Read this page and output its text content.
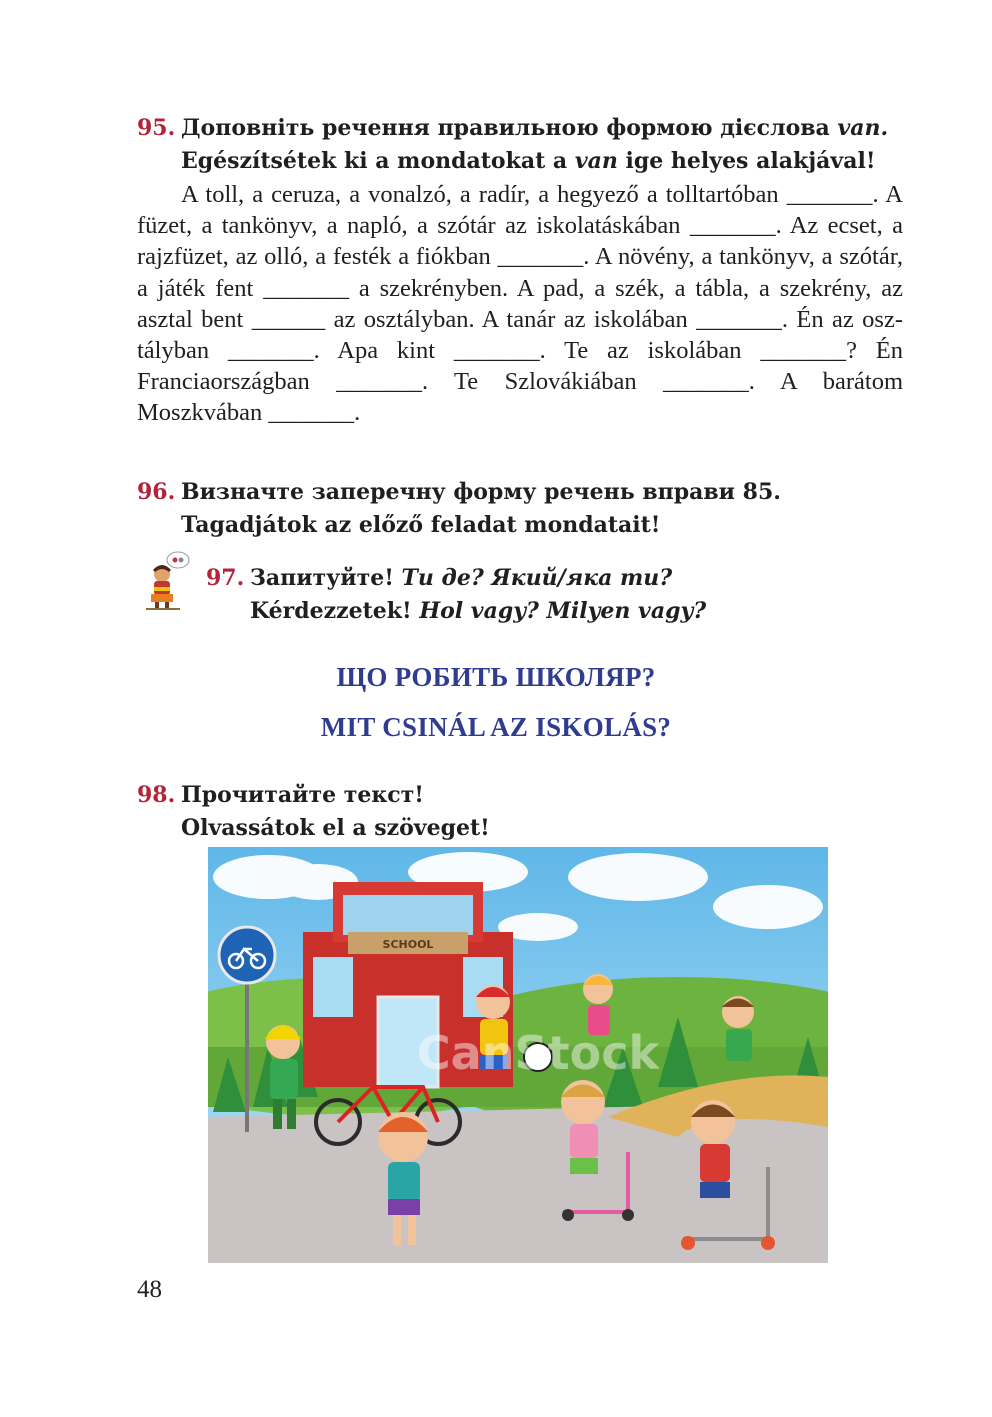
95. Доповніть речення правильною формою дієслова van.
Egészítsétek ki a mondatokat a van ige helyes alakjával!
A toll, a ceruza, a vonalzó, a radír, a hegyező a tolltartóban _______. A füzet, a tankönyv, a napló, a szótár az iskolatáskában _______. Az ecset, a rajzfüzet, az olló, a festék a fiókban _______. A növény, a tankönyv, a szótár, a játék fent _______ a szekrényben. A pad, a szék, a tábla, a szekrény, az asztal bent ______ az osztályban. A tanár az iskolában _______. Én az osztályban _______. Apa kint _______. Te az iskolában _______? Én Franciaországban _______. Te Szlovákiában _______. A barátom Moszkvában _______.
96. Визначте заперечну форму речень вправи 85.
Tagadjátok az előző feladat mondatait!
97. Запитуйте! Ти де? Який/яка ти?
Kérdezzetek! Hol vagy? Milyen vagy?
ЩО РОБИТЬ ШКОЛЯР?
MIT CSINÁL AZ ISKOLÁS?
98. Прочитайте текст!
Olvassátok el a szöveget!
SCHOOL
CanStock
48
